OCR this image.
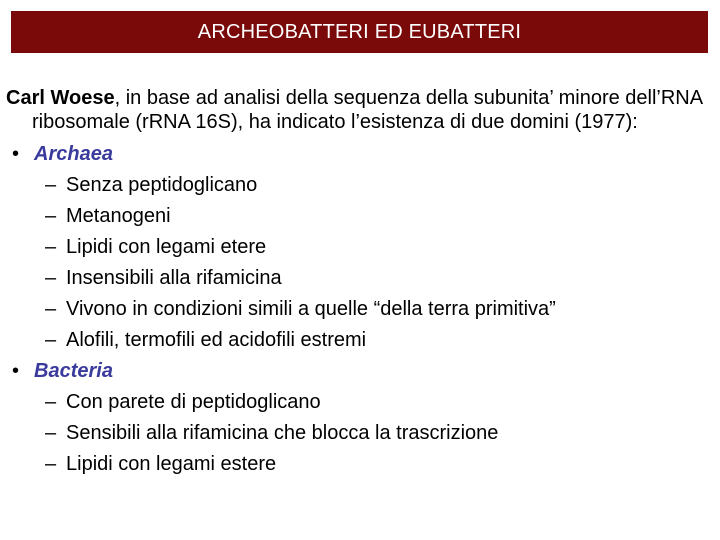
ARCHEOBATTERI ED EUBATTERI

Carl Woese, in base ad analisi della sequenza della subunita’ minore dell’RNA ribosomale (rRNA 16S), ha indicato l’esistenza di due domini (1977):

• Archaea
– Senza peptidoglicano
– Metanogeni
– Lipidi con legami etere
– Insensibili alla rifamicina
– Vivono in condizioni simili a quelle “della terra primitiva”
– Alofili, termofili ed acidofili estremi
• Bacteria
– Con parete di peptidoglicano
– Sensibili alla rifamicina che blocca la trascrizione
– Lipidi con legami estere
